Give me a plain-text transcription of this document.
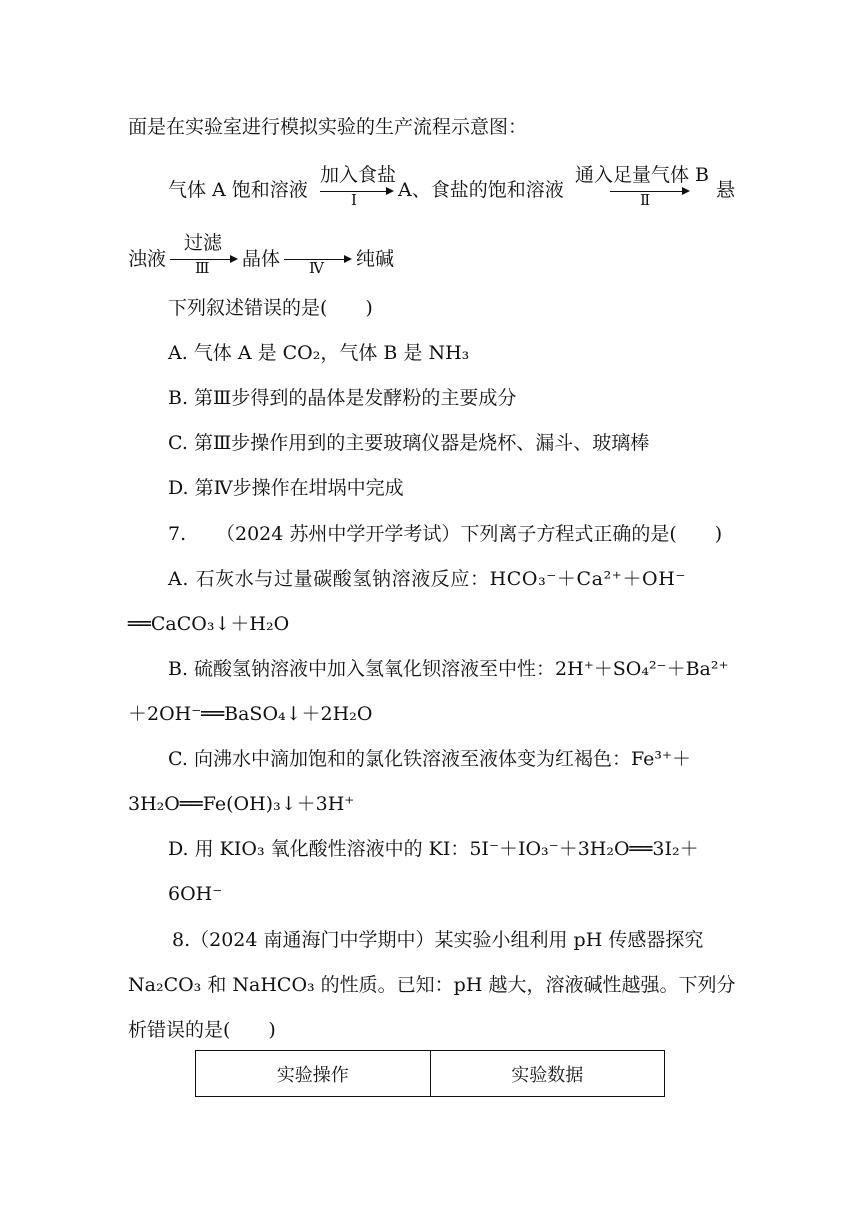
面是在实验室进行模拟实验的生产流程示意图：
气体 A 饱和溶液
加入食盐
Ⅰ A、食盐的饱和溶液
通入足量气体 B
Ⅱ	悬
浊液
过滤
Ⅲ 晶体 Ⅳ 纯碱
下列叙述错误的是(　　)
A. 气体 A 是 CO₂，气体 B 是 NH₃
B. 第Ⅲ步得到的晶体是发酵粉的主要成分
C. 第Ⅲ步操作用到的主要玻璃仪器是烧杯、漏斗、玻璃棒
D. 第Ⅳ步操作在坩埚中完成
7. （2024 苏州中学开学考试）下列离子方程式正确的是(　　)
A. 石灰水与过量碳酸氢钠溶液反应：HCO₃⁻＋Ca²⁺＋OH⁻
══CaCO₃↓＋H₂O
B. 硫酸氢钠溶液中加入氢氧化钡溶液至中性：2H⁺＋SO₄²⁻＋Ba²⁺
＋2OH⁻══BaSO₄↓＋2H₂O
C. 向沸水中滴加饱和的氯化铁溶液至液体变为红褐色：Fe³⁺＋
3H₂O══Fe(OH)₃↓＋3H⁺
D. 用 KIO₃ 氧化酸性溶液中的 KI：5I⁻＋IO₃⁻＋3H₂O══3I₂＋
6OH⁻
8.（2024 南通海门中学期中）某实验小组利用 pH 传感器探究
Na₂CO₃ 和 NaHCO₃ 的性质。已知：pH 越大，溶液碱性越强。下列分
析错误的是(　　)
实验操作	实验数据
